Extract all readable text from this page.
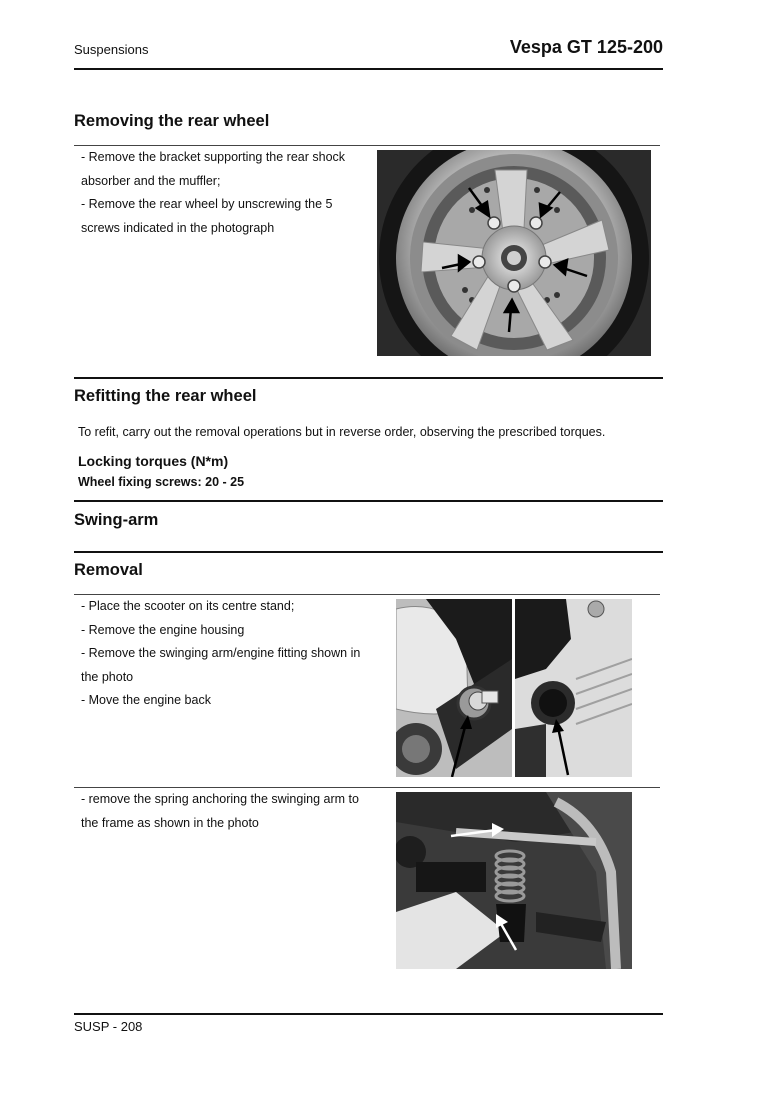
Suspensions	Vespa GT 125-200
Removing the rear wheel
- Remove the bracket supporting the rear shock
absorber and the muffler;
- Remove the rear wheel by unscrewing the 5
screws indicated in the photograph
Refitting the rear wheel
To refit, carry out the removal operations but in reverse order, observing the prescribed torques.
Locking torques (N*m)
Wheel fixing screws: 20 - 25
Swing-arm
Removal
- Place the scooter on its centre stand;
- Remove the engine housing
- Remove the swinging arm/engine fitting shown in
the photo
- Move the engine back
- remove the spring anchoring the swinging arm to
the frame as shown in the photo
SUSP - 208
